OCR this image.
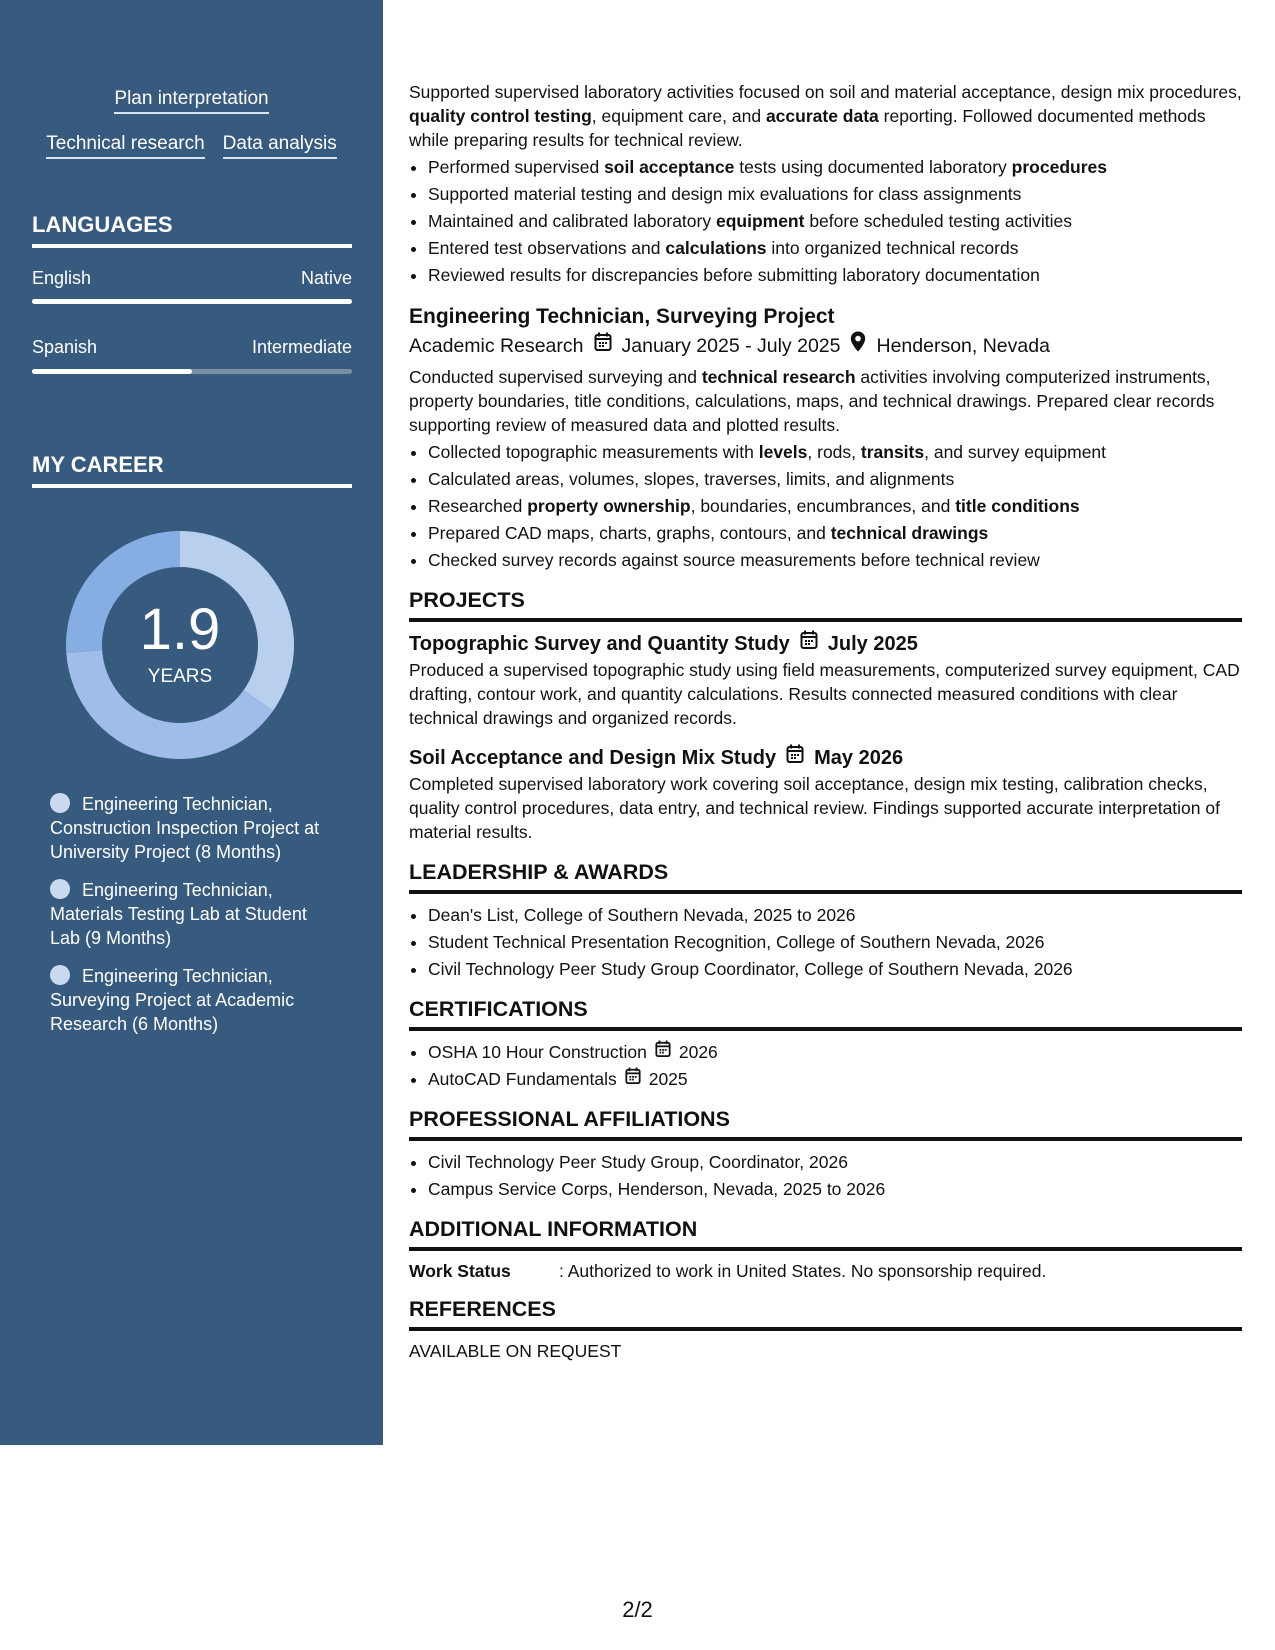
Plan interpretation
Technical research Data analysis
LANGUAGES
English	Native
Spanish	Intermediate
MY CAREER
1.9
YEARS
Engineering Technician, Construction Inspection Project at University Project (8 Months)
Engineering Technician, Materials Testing Lab at Student Lab (9 Months)
Engineering Technician, Surveying Project at Academic Research (6 Months)

Supported supervised laboratory activities focused on soil and material acceptance, design mix procedures, quality control testing, equipment care, and accurate data reporting. Followed documented methods while preparing results for technical review.

• Performed supervised soil acceptance tests using documented laboratory procedures
• Supported material testing and design mix evaluations for class assignments
• Maintained and calibrated laboratory equipment before scheduled testing activities
• Entered test observations and calculations into organized technical records
• Reviewed results for discrepancies before submitting laboratory documentation
Engineering Technician, Surveying Project
Academic Research January 2025 - July 2025 Henderson, Nevada

Conducted supervised surveying and technical research activities involving computerized instruments, property boundaries, title conditions, calculations, maps, and technical drawings. Prepared clear records supporting review of measured data and plotted results.

• Collected topographic measurements with levels, rods, transits, and survey equipment
• Calculated areas, volumes, slopes, traverses, limits, and alignments
• Researched property ownership, boundaries, encumbrances, and title conditions
• Prepared CAD maps, charts, graphs, contours, and technical drawings
• Checked survey records against source measurements before technical review
PROJECTS
Topographic Survey and Quantity Study July 2025

Produced a supervised topographic study using field measurements, computerized survey equipment, CAD drafting, contour work, and quantity calculations. Results connected measured conditions with clear technical drawings and organized records.

Soil Acceptance and Design Mix Study May 2026

Completed supervised laboratory work covering soil acceptance, design mix testing, calibration checks, quality control procedures, data entry, and technical review. Findings supported accurate interpretation of material results.

LEADERSHIP & AWARDS
• Dean's List, College of Southern Nevada, 2025 to 2026
• Student Technical Presentation Recognition, College of Southern Nevada, 2026
• Civil Technology Peer Study Group Coordinator, College of Southern Nevada, 2026
CERTIFICATIONS
• OSHA 10 Hour Construction 2026
• AutoCAD Fundamentals 2025
PROFESSIONAL AFFILIATIONS
• Civil Technology Peer Study Group, Coordinator, 2026
• Campus Service Corps, Henderson, Nevada, 2025 to 2026
ADDITIONAL INFORMATION
Work Status	: Authorized to work in United States. No sponsorship required.
REFERENCES

AVAILABLE ON REQUEST

2/2
